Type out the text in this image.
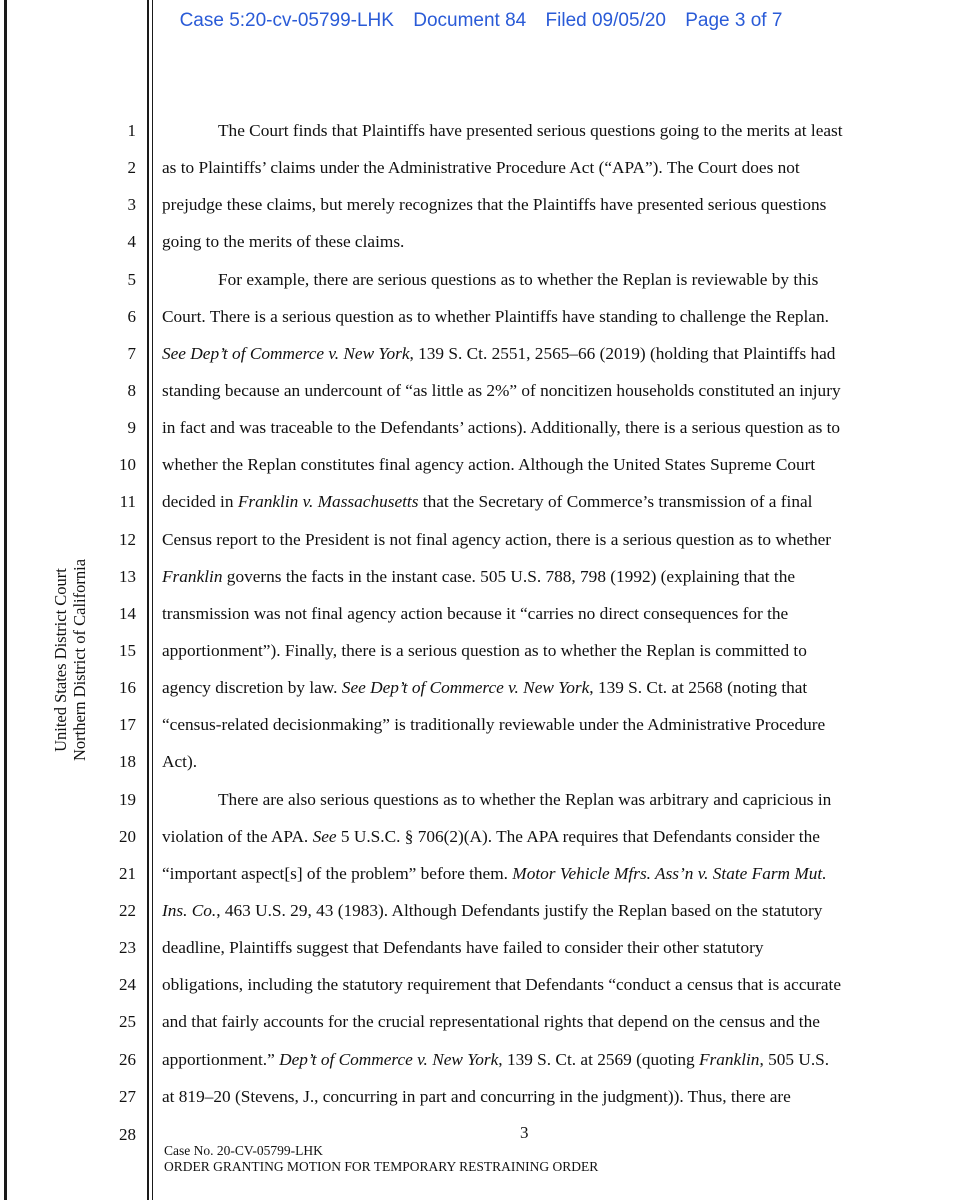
Case 5:20-cv-05799-LHK Document 84 Filed 09/05/20 Page 3 of 7
United States District Court Northern District of California
1
2
3
4
5
6
7
8
9
10
11
12
13
14
15
16
17
18
19
20
21
22
23
24
25
26
27
The Court finds that Plaintiffs have presented serious questions going to the merits at least
as to Plaintiffs’ claims under the Administrative Procedure Act (“APA”). The Court does not
prejudge these claims, but merely recognizes that the Plaintiffs have presented serious questions
going to the merits of these claims.
For example, there are serious questions as to whether the Replan is reviewable by this
Court. There is a serious question as to whether Plaintiffs have standing to challenge the Replan.
See Dep’t of Commerce v. New York, 139 S. Ct. 2551, 2565–66 (2019) (holding that Plaintiffs had
standing because an undercount of “as little as 2%” of noncitizen households constituted an injury
in fact and was traceable to the Defendants’ actions). Additionally, there is a serious question as to
whether the Replan constitutes final agency action. Although the United States Supreme Court
decided in Franklin v. Massachusetts that the Secretary of Commerce’s transmission of a final
Census report to the President is not final agency action, there is a serious question as to whether
Franklin governs the facts in the instant case. 505 U.S. 788, 798 (1992) (explaining that the
transmission was not final agency action because it “carries no direct consequences for the
apportionment”). Finally, there is a serious question as to whether the Replan is committed to
agency discretion by law. See Dep’t of Commerce v. New York, 139 S. Ct. at 2568 (noting that
“census-related decisionmaking” is traditionally reviewable under the Administrative Procedure
Act).
There are also serious questions as to whether the Replan was arbitrary and capricious in
violation of the APA. See 5 U.S.C. § 706(2)(A). The APA requires that Defendants consider the
“important aspect[s] of the problem” before them. Motor Vehicle Mfrs. Ass’n v. State Farm Mut.
Ins. Co., 463 U.S. 29, 43 (1983). Although Defendants justify the Replan based on the statutory
deadline, Plaintiffs suggest that Defendants have failed to consider their other statutory
obligations, including the statutory requirement that Defendants “conduct a census that is accurate
and that fairly accounts for the crucial representational rights that depend on the census and the
apportionment.” Dep’t of Commerce v. New York, 139 S. Ct. at 2569 (quoting Franklin, 505 U.S.
at 819–20 (Stevens, J., concurring in part and concurring in the judgment)). Thus, there are
28	3
Case No. 20-CV-05799-LHK
ORDER GRANTING MOTION FOR TEMPORARY RESTRAINING ORDER
